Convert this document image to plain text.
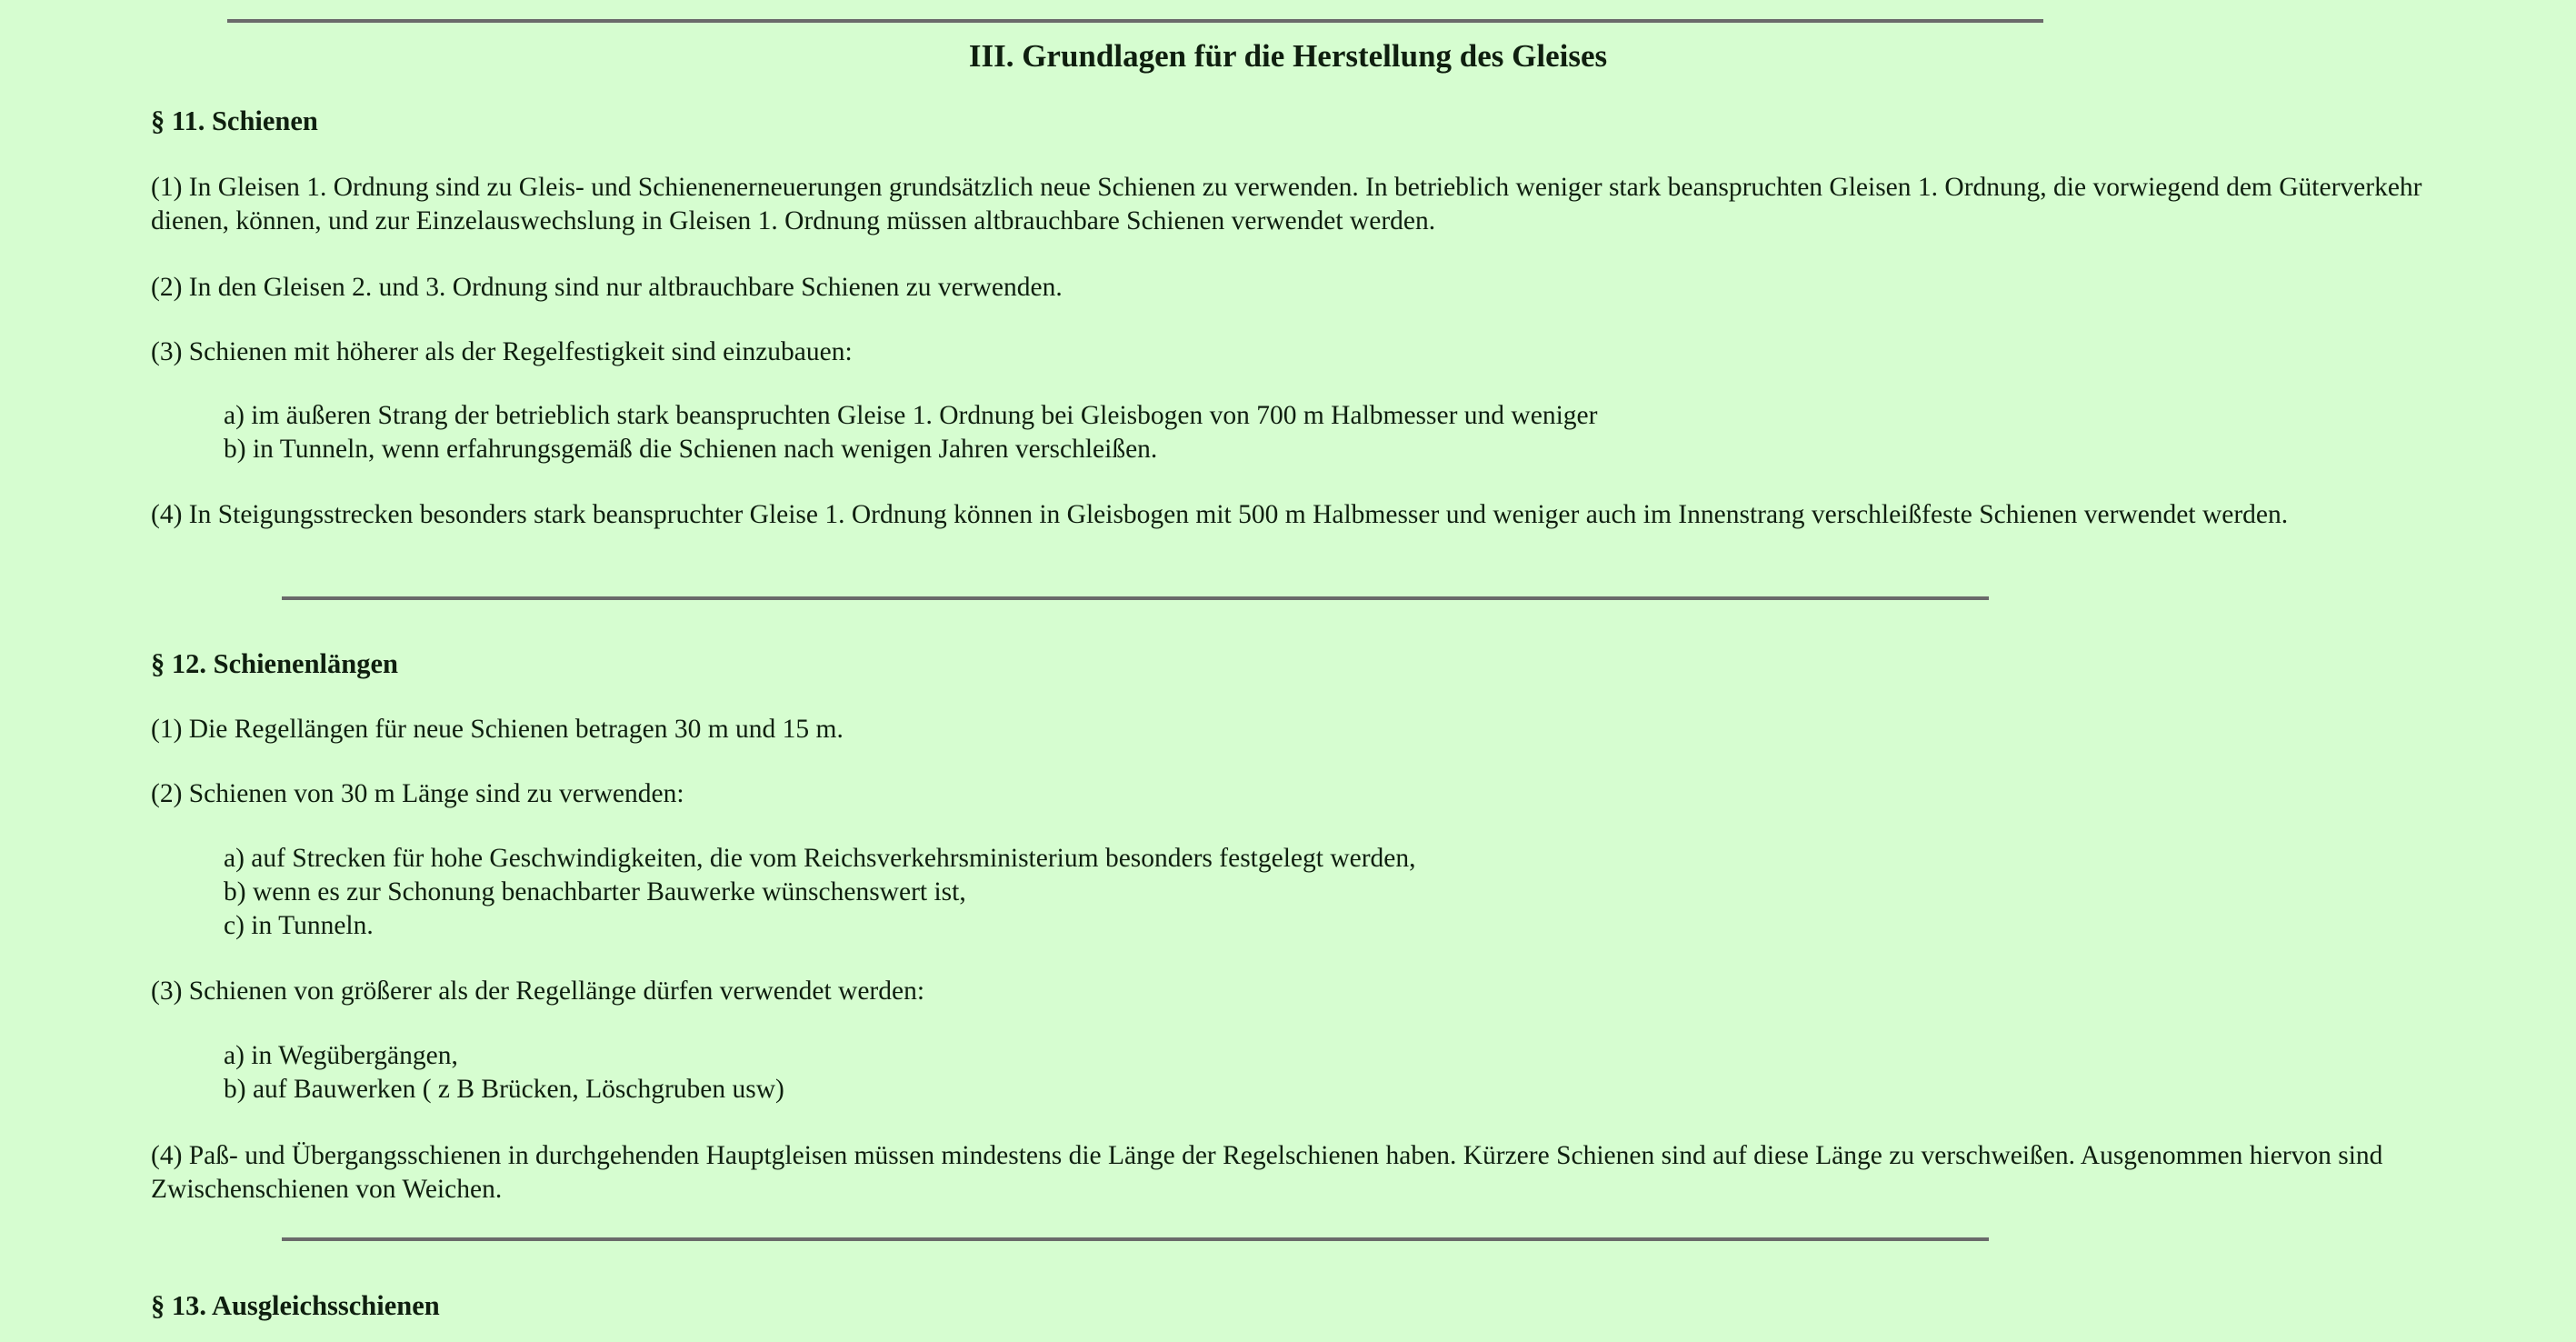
III. Grundlagen für die Herstellung des Gleises
§ 11. Schienen

(1) In Gleisen 1. Ordnung sind zu Gleis- und Schienenerneuerungen grundsätzlich neue Schienen zu verwenden. In betrieblich weniger stark beanspruchten Gleisen 1. Ordnung, die vorwiegend dem Güterverkehr dienen, können, und zur Einzelauswechslung in Gleisen 1. Ordnung müssen altbrauchbare Schienen verwendet werden.

(2) In den Gleisen 2. und 3. Ordnung sind nur altbrauchbare Schienen zu verwenden.

(3) Schienen mit höherer als der Regelfestigkeit sind einzubauen:

a) im äußeren Strang der betrieblich stark beanspruchten Gleise 1. Ordnung bei Gleisbogen von 700 m Halbmesser und weniger
b) in Tunneln, wenn erfahrungsgemäß die Schienen nach wenigen Jahren verschleißen.

(4) In Steigungsstrecken besonders stark beanspruchter Gleise 1. Ordnung können in Gleisbogen mit 500 m Halbmesser und weniger auch im Innenstrang verschleißfeste Schienen verwendet werden.

§ 12. Schienenlängen

(1) Die Regellängen für neue Schienen betragen 30 m und 15 m.

(2) Schienen von 30 m Länge sind zu verwenden:

a) auf Strecken für hohe Geschwindigkeiten, die vom Reichsverkehrsministerium besonders festgelegt werden,
b) wenn es zur Schonung benachbarter Bauwerke wünschenswert ist,
c) in Tunneln.

(3) Schienen von größerer als der Regellänge dürfen verwendet werden:

a) in Wegübergängen,
b) auf Bauwerken ( z B Brücken, Löschgruben usw)

(4) Paß- und Übergangsschienen in durchgehenden Hauptgleisen müssen mindestens die Länge der Regelschienen haben. Kürzere Schienen sind auf diese Länge zu verschweißen. Ausgenommen hiervon sind Zwischenschienen von Weichen.

§ 13. Ausgleichsschienen
